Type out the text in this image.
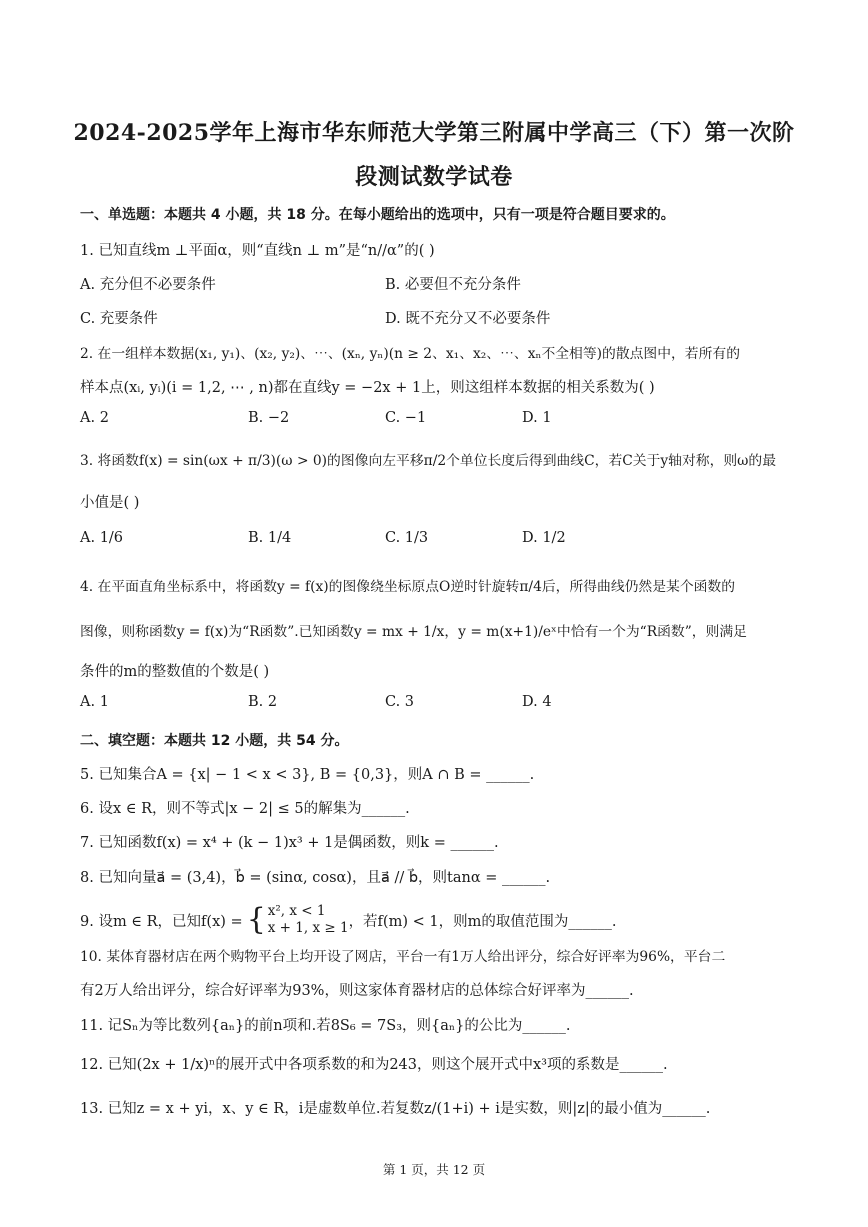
2024-2025学年上海市华东师范大学第三附属中学高三（下）第一次阶
段测试数学试卷
一、单选题：本题共 4 小题，共 18 分。在每小题给出的选项中，只有一项是符合题目要求的。
1. 已知直线m ⊥平面α，则“直线n ⊥ m”是“n//α”的( )
A. 充分但不必要条件	B. 必要但不充分条件
C. 充要条件	D. 既不充分又不必要条件
2. 在一组样本数据(x₁, y₁)、(x₂, y₂)、⋯、(xₙ, yₙ)(n ≥ 2、x₁、x₂、⋯、xₙ不全相等)的散点图中，若所有的
样本点(xᵢ, yᵢ)(i = 1,2, ⋯ , n)都在直线y = −2x + 1上，则这组样本数据的相关系数为( )
A. 2	B. −2	C. −1	D. 1
3. 将函数f(x) = sin(ωx + π/3)(ω > 0)的图像向左平移π/2个单位长度后得到曲线C，若C关于y轴对称，则ω的最
小值是( )
A. 1/6	B. 1/4	C. 1/3	D. 1/2
4. 在平面直角坐标系中，将函数y = f(x)的图像绕坐标原点O逆时针旋转π/4后，所得曲线仍然是某个函数的
图像，则称函数y = f(x)为“R函数”.已知函数y = mx + 1/x，y = m(x+1)/eˣ中恰有一个为“R函数”，则满足
条件的m的整数值的个数是( )
A. 1	B. 2	C. 3	D. 4
二、填空题：本题共 12 小题，共 54 分。
5. 已知集合A = {x| − 1 < x < 3}, B = {0,3}，则A ∩ B = ______.
6. 设x ∈ R，则不等式|x − 2| ≤ 5的解集为______.
7. 已知函数f(x) = x⁴ + (k − 1)x³ + 1是偶函数，则k = ______.
8. 已知向量a⃗ = (3,4)，b⃗ = (sinα, cosα)，且a⃗ // b⃗，则tanα = ______.
9. 设m ∈ R，已知f(x) = { x², x < 1
x + 1, x ≥ 1 ，若f(m) < 1，则m的取值范围为______.
10. 某体育器材店在两个购物平台上均开设了网店，平台一有1万人给出评分，综合好评率为96%，平台二
有2万人给出评分，综合好评率为93%，则这家体育器材店的总体综合好评率为______.
11. 记Sₙ为等比数列{aₙ}的前n项和.若8S₆ = 7S₃，则{aₙ}的公比为______.
12. 已知(2x + 1/x)ⁿ的展开式中各项系数的和为243，则这个展开式中x³项的系数是______.
13. 已知z = x + yi，x、y ∈ R，i是虚数单位.若复数z/(1+i) + i是实数，则|z|的最小值为______.
第 1 页，共 12 页
